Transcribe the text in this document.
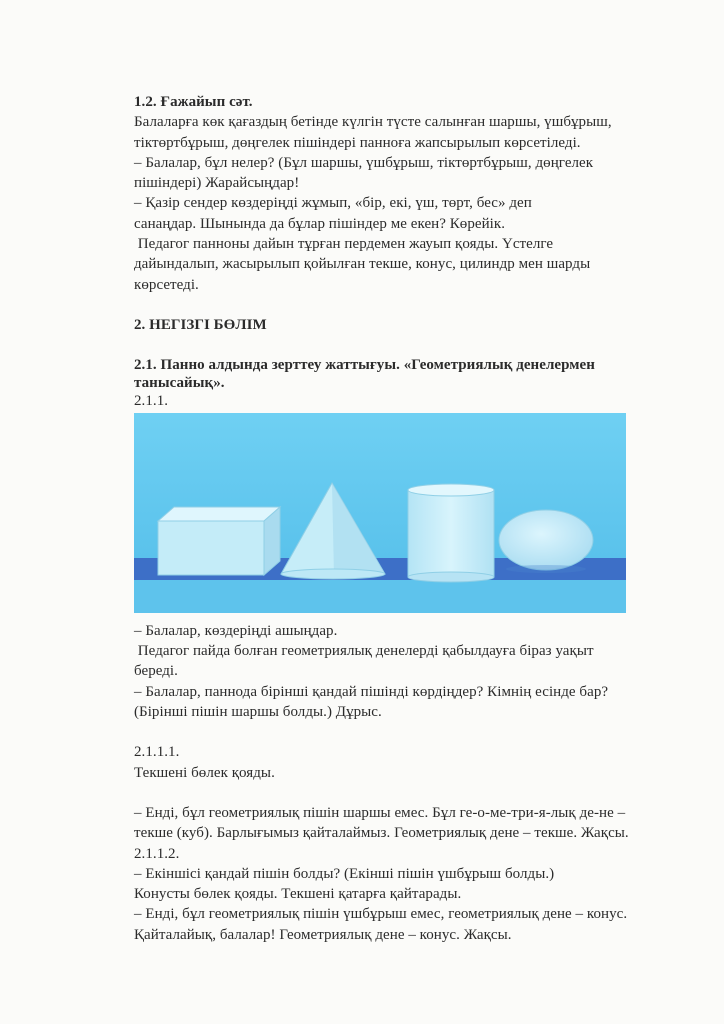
1.2. Ғажайып сәт.

Балаларға көк қағаздың бетінде күлгін түсте салынған шаршы, үшбұрыш,

тіктөртбұрыш, дөңгелек пішіндері панноға жапсырылып көрсетіледі.

– Балалар, бұл нелер? (Бұл шаршы, үшбұрыш, тіктөртбұрыш, дөңгелек

пішіндері) Жарайсыңдар!

– Қазір сендер көздеріңді жұмып, «бір, екі, үш, төрт, бес» деп

санаңдар. Шынында да бұлар пішіндер ме екен? Көрейік.

Педагог панноны дайын тұрған пердемен жауып қояды. Үстелге

дайындалып, жасырылып қойылған текше, конус, цилиндр мен шарды

көрсетеді.

2. НЕГІЗГІ БӨЛІМ

2.1. Панно алдында зерттеу жаттығуы. «Геометриялық денелермен

танысайық».

2.1.1.

– Балалар, көздеріңді ашыңдар.

Педагог пайда болған геометриялық денелерді қабылдауға біраз уақыт

береді.

– Балалар, паннода бірінші қандай пішінді көрдіңдер? Кімнің есінде бар?

(Бірінші пішін шаршы болды.) Дұрыс.

2.1.1.1.

Текшені бөлек қояды.

– Енді, бұл геометриялық пішін шаршы емес. Бұл ге-о-ме-три-я-лық де-не –

текше (куб). Барлығымыз қайталаймыз. Геометриялық дене – текше. Жақсы.

2.1.1.2.

– Екіншісі қандай пішін болды? (Екінші пішін үшбұрыш болды.)

Конусты бөлек қояды. Текшені қатарға қайтарады.

– Енді, бұл геометриялық пішін үшбұрыш емес, геометриялық дене – конус.

Қайталайық, балалар! Геометриялық дене – конус. Жақсы.
